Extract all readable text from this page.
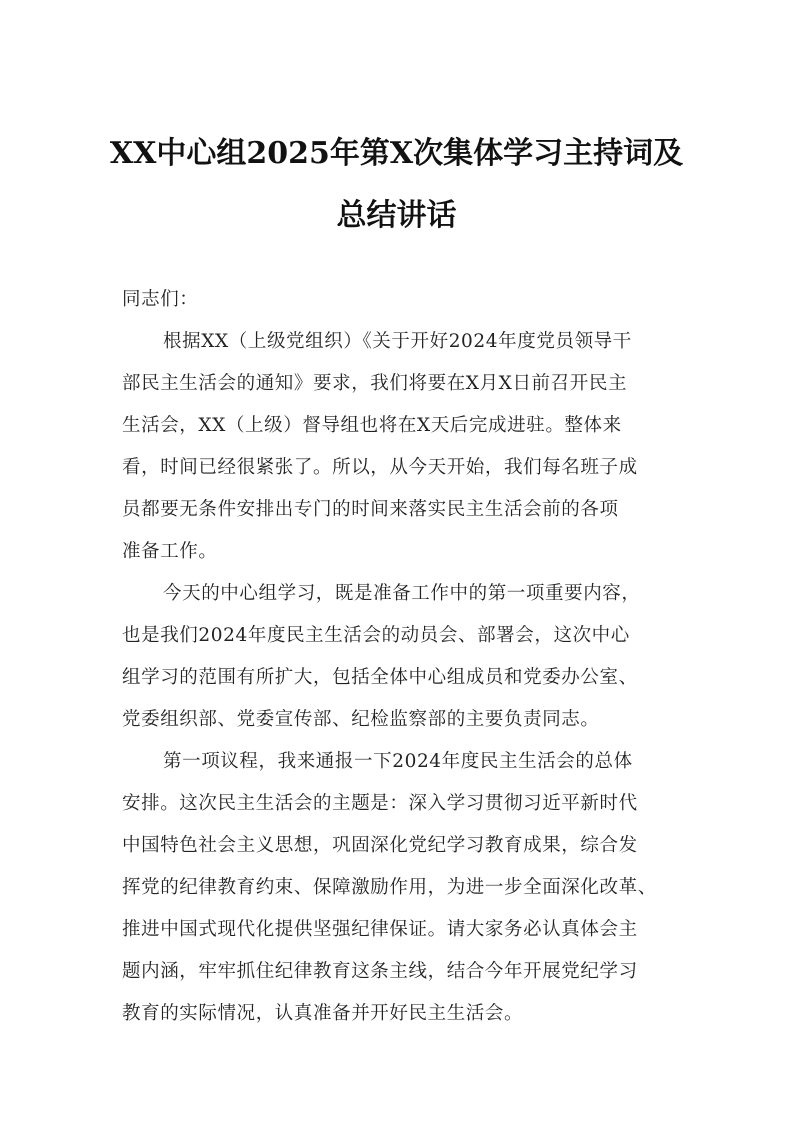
XX中心组2025年第X次集体学习主持词及
总结讲话
同志们：
根据XX（上级党组织）《关于开好2024年度党员领导干
部民主生活会的通知》要求，我们将要在X月X日前召开民主
生活会，XX（上级）督导组也将在X天后完成进驻。整体来
看，时间已经很紧张了。所以，从今天开始，我们每名班子成
员都要无条件安排出专门的时间来落实民主生活会前的各项
准备工作。
今天的中心组学习，既是准备工作中的第一项重要内容，
也是我们2024年度民主生活会的动员会、部署会，这次中心
组学习的范围有所扩大，包括全体中心组成员和党委办公室、
党委组织部、党委宣传部、纪检监察部的主要负责同志。
第一项议程，我来通报一下2024年度民主生活会的总体
安排。这次民主生活会的主题是：深入学习贯彻习近平新时代
中国特色社会主义思想，巩固深化党纪学习教育成果，综合发
挥党的纪律教育约束、保障激励作用，为进一步全面深化改革、
推进中国式现代化提供坚强纪律保证。请大家务必认真体会主
题内涵，牢牢抓住纪律教育这条主线，结合今年开展党纪学习
教育的实际情况，认真准备并开好民主生活会。
